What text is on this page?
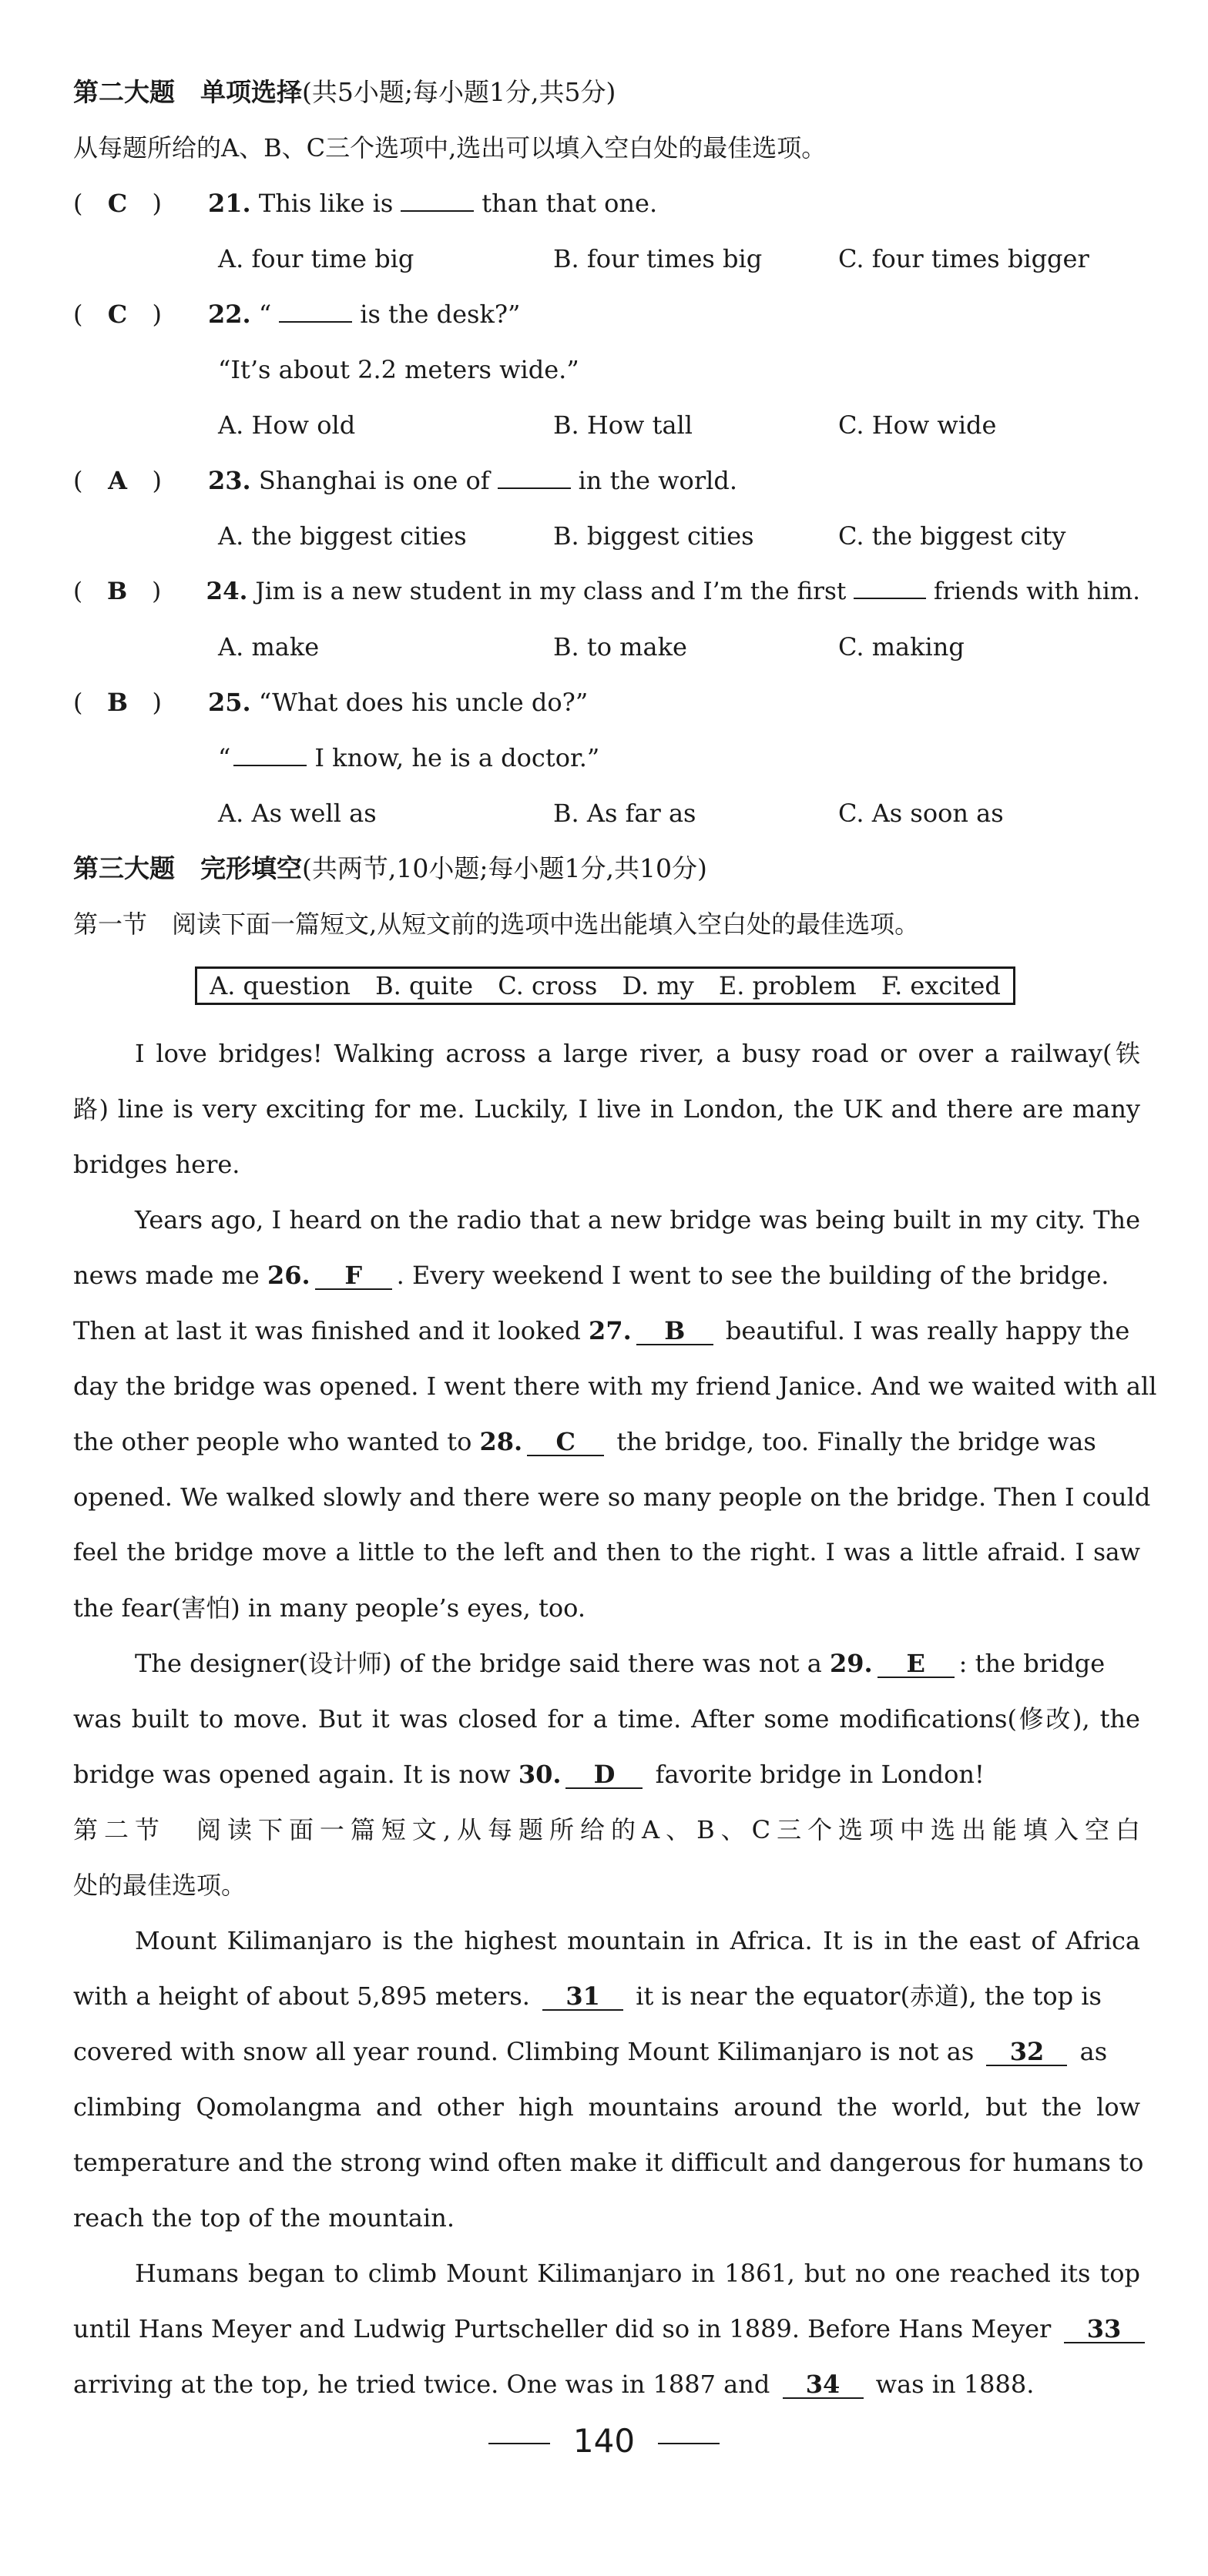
第二大题　单项选择(共5小题;每小题1分,共5分)
从每题所给的A、B、C三个选项中,选出可以填入空白处的最佳选项。
(	C	)	21.
This like is	than that one.
A. four time big	B. four times big	C. four times bigger
(	C	)	22.
“	is the desk?”
“It’s about 2.2 meters wide.”
A. How old	B. How tall	C. How wide
(	A	)	23.
Shanghai is one of	in the world.
A. the biggest cities	B. biggest cities	C. the biggest city
(	B	)	24.
Jim is a new student in my class and I’m the first	friends with him.
A. make	B. to make	C. making
( B )	25.
“What does his uncle do?”
“	I know, he is a doctor.”
A. As well as	B. As far as	C. As soon as
第三大题　完形填空(共两节,10小题;每小题1分,共10分)
第一节　阅读下面一篇短文,从短文前的选项中选出能填入空白处的最佳选项。
A. question B. quite C. cross D. my E. problem F. excited
I love bridges! Walking across a large river, a busy road or over a railway(铁
路) line is very exciting for me. Luckily, I live in London, the UK and there are many
bridges here.
Years ago, I heard on the radio that a new bridge was being built in my city. The
news made me 26. F . Every weekend I went to see the building of the bridge.
Then at last it was finished and it looked 27. B beautiful. I was really happy the
day the bridge was opened. I went there with my friend Janice. And we waited with all
the other people who wanted to 28. C the bridge, too. Finally the bridge was
opened. We walked slowly and there were so many people on the bridge. Then I could
feel the bridge move a little to the left and then to the right. I was a little afraid. I saw
the fear(害怕) in many people’s eyes, too.
The designer(设计师) of the bridge said there was not a 29. E : the bridge
was built to move. But it was closed for a time. After some modifications(修改), the
bridge was opened again. It is now 30. D favorite bridge in London!
第二节　阅读下面一篇短文,从每题所给的A、B、C三个选项中选出能填入空白
处的最佳选项。
Mount Kilimanjaro is the highest mountain in Africa. It is in the east of Africa
with a height of about 5,895 meters. 31 it is near the equator(赤道), the top is
covered with snow all year round. Climbing Mount Kilimanjaro is not as 32 as
climbing Qomolangma and other high mountains around the world, but the low
temperature and the strong wind often make it difficult and dangerous for humans to
reach the top of the mountain.
Humans began to climb Mount Kilimanjaro in 1861, but no one reached its top
until Hans Meyer and Ludwig Purtscheller did so in 1889. Before Hans Meyer 33
arriving at the top, he tried twice. One was in 1887 and 34 was in 1888.
140
